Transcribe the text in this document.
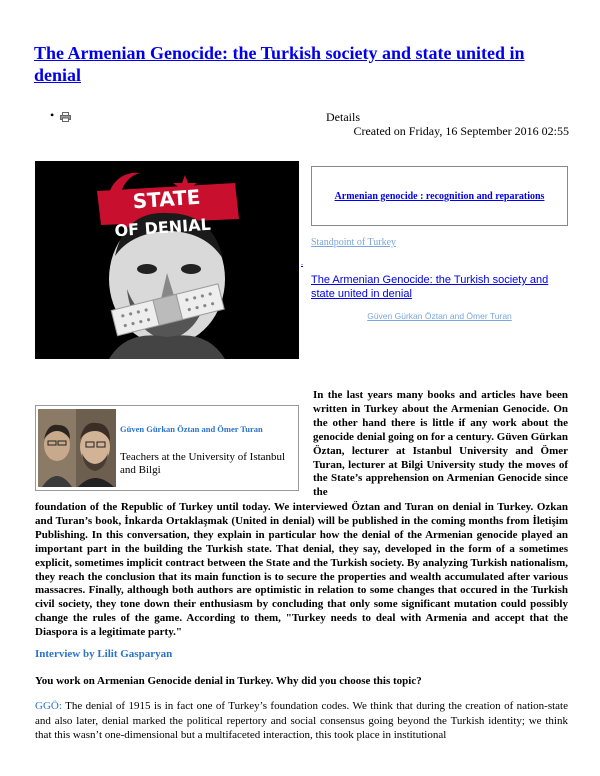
The Armenian Genocide: the Turkish society and state united in denial
•	Details
Created on Friday, 16 September 2016 02:55
STATE
OF DENIAL
Armenian genocide : recognition and reparations
Standpoint of Turkey
.
The Armenian Genocide: the Turkish society and state united in denial
Güven Gürkan Öztan and Ömer Turan
Güven Gürkan Öztan and Ömer Turan
Teachers at the University of Istanbul and Bilgi

In the last years many books and articles have been written in Turkey about the Armenian Genocide. On the other hand there is little if any work about the genocide denial going on for a century. Güven Gürkan Öztan, lecturer at Istanbul University and Ömer Turan, lecturer at Bilgi University study the moves of the State’s apprehension on Armenian Genocide since the

foundation of the Republic of Turkey until today. We interviewed Öztan and Turan on denial in Turkey. Ozkan and Turan’s book, İnkarda Ortaklaşmak (United in denial) will be published in the coming months from İletişim Publishing. In this conversation, they explain in particular how the denial of the Armenian genocide played an important part in the building the Turkish state. That denial, they say, developed in the form of a sometimes explicit, sometimes implicit contract between the State and the Turkish society. By analyzing Turkish nationalism, they reach the conclusion that its main function is to secure the properties and wealth accumulated after various massacres. Finally, although both authors are optimistic in relation to some changes that occured in the Turkish civil society, they tone down their enthusiasm by concluding that only some significant mutation could possibly change the rules of the game. According to them, "Turkey needs to deal with Armenia and accept that the Diaspora is a legitimate party."

Interview by Lilit Gasparyan
You work on Armenian Genocide denial in Turkey. Why did you choose this topic?

GGÖ: The denial of 1915 is in fact one of Turkey’s foundation codes. We think that during the creation of nation-state and also later, denial marked the political repertory and social consensus going beyond the Turkish identity; we think that this wasn’t one-dimensional but a multifaceted interaction, this took place in institutional
